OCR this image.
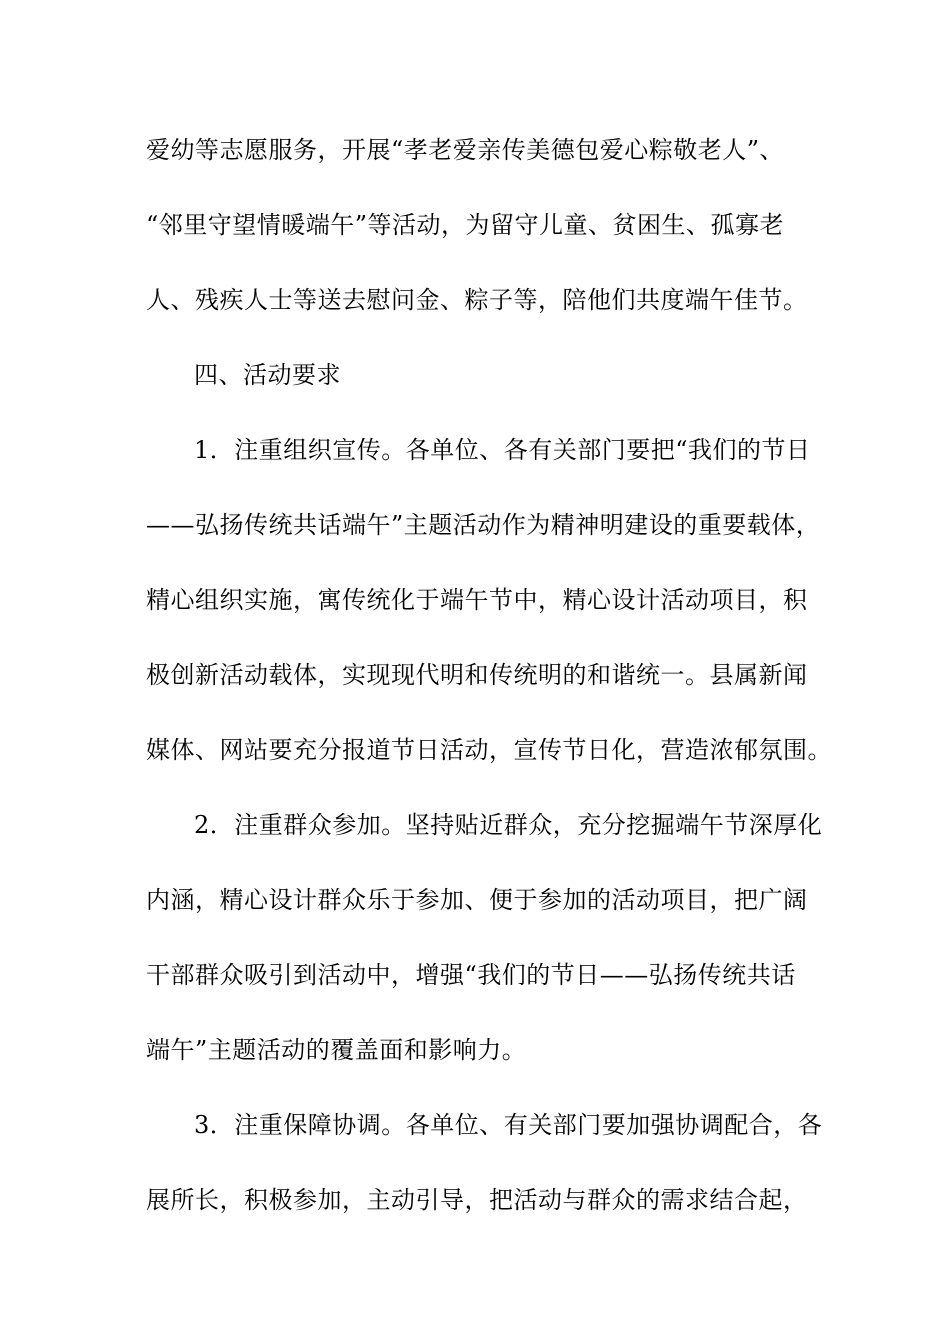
爱幼等志愿服务，开展“孝老爱亲传美德包爱心粽敬老人”、
“邻里守望情暖端午”等活动，为留守儿童、贫困生、孤寡老
人、残疾人士等送去慰问金、粽子等，陪他们共度端午佳节。
四、活动要求
1．注重组织宣传。各单位、各有关部门要把“我们的节日
——弘扬传统共话端午”主题活动作为精神明建设的重要载体，
精心组织实施，寓传统化于端午节中，精心设计活动项目，积
极创新活动载体，实现现代明和传统明的和谐统一。县属新闻
媒体、网站要充分报道节日活动，宣传节日化，营造浓郁氛围。
2．注重群众参加。坚持贴近群众，充分挖掘端午节深厚化
内涵，精心设计群众乐于参加、便于参加的活动项目，把广阔
干部群众吸引到活动中，增强“我们的节日——弘扬传统共话
端午”主题活动的覆盖面和影响力。
3．注重保障协调。各单位、有关部门要加强协调配合，各
展所长，积极参加，主动引导，把活动与群众的需求结合起，
